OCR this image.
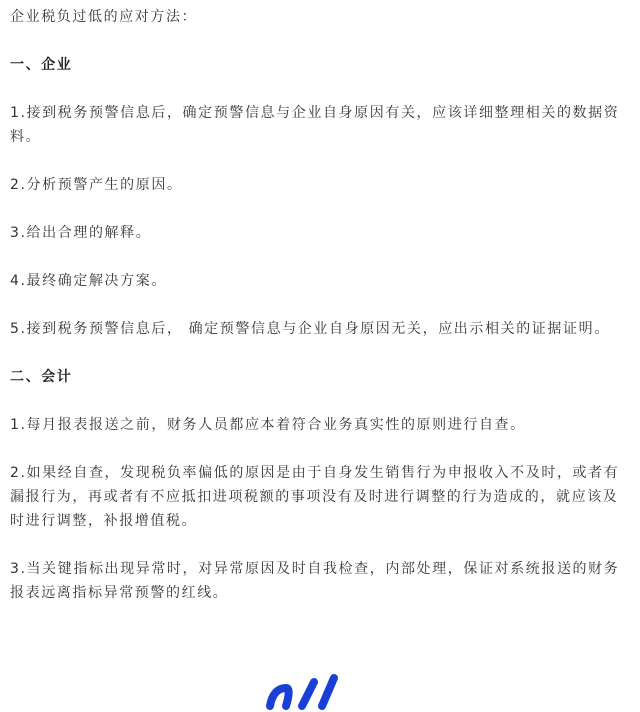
企业税负过低的应对方法：

一、企业

1.接到税务预警信息后，确定预警信息与企业自身原因有关，应该详细整理相关的数据资料。

2.分析预警产生的原因。

3.给出合理的解释。

4.最终确定解决方案。

5.接到税务预警信息后， 确定预警信息与企业自身原因无关，应出示相关的证据证明。

二、会计

1.每月报表报送之前，财务人员都应本着符合业务真实性的原则进行自查。

2.如果经自查，发现税负率偏低的原因是由于自身发生销售行为申报收入不及时，或者有漏报行为，再或者有不应抵扣进项税额的事项没有及时进行调整的行为造成的，就应该及时进行调整，补报增值税。

3.当关键指标出现异常时，对异常原因及时自我检查，内部处理，保证对系统报送的财务报表远离指标异常预警的红线。
